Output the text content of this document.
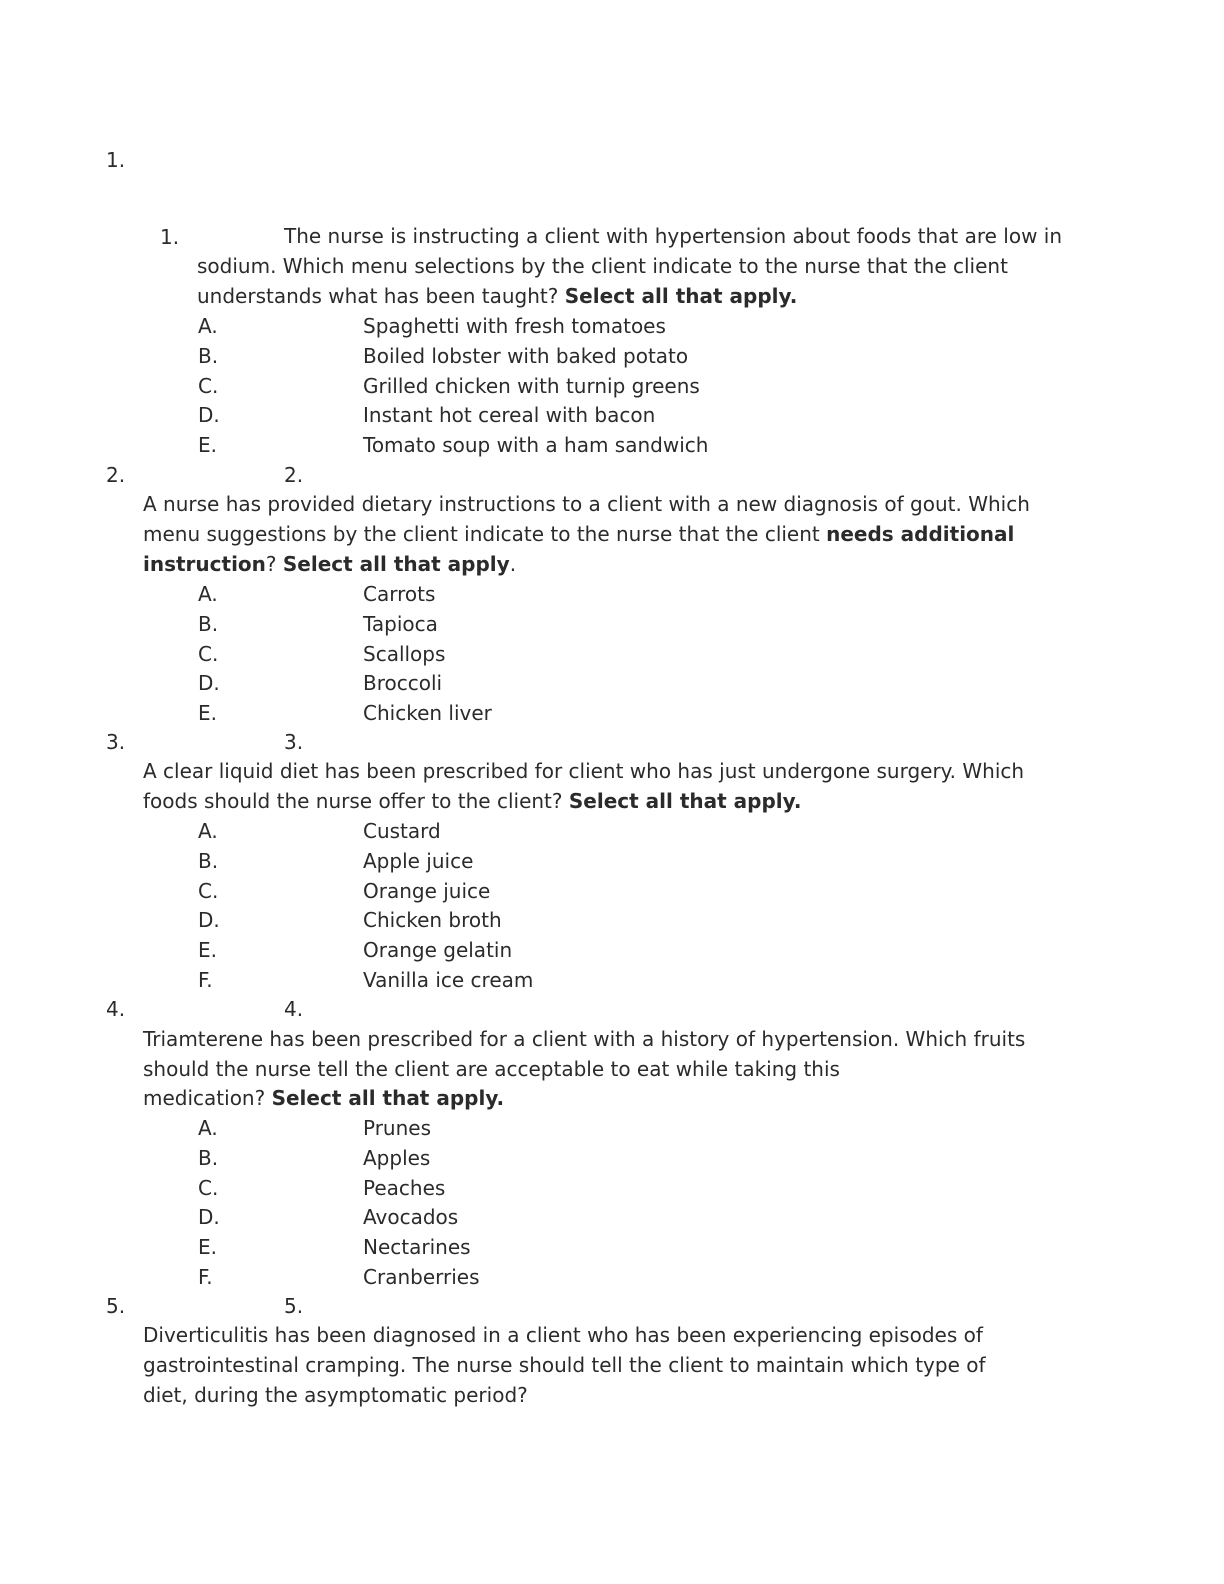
1.
1.	The nurse is instructing a client with hypertension about foods that are low in sodium. Which menu selections by the client indicate to the nurse that the client understands what has been taught? Select all that apply.
A.	Spaghetti with fresh tomatoes
B.	Boiled lobster with baked potato
C.	Grilled chicken with turnip greens
D.	Instant hot cereal with bacon
E.	Tomato soup with a ham sandwich
2.	2.
A nurse has provided dietary instructions to a client with a new diagnosis of gout. Which menu suggestions by the client indicate to the nurse that the client needs additional instruction? Select all that apply.
A.	Carrots
B.	Tapioca
C.	Scallops
D.	Broccoli
E.	Chicken liver
3.	3.
A clear liquid diet has been prescribed for client who has just undergone surgery. Which foods should the nurse offer to the client? Select all that apply.
A.	Custard
B.	Apple juice
C.	Orange juice
D.	Chicken broth
E.	Orange gelatin
F.	Vanilla ice cream
4.	4.
Triamterene has been prescribed for a client with a history of hypertension. Which fruits
should the nurse tell the client are acceptable to eat while taking this
medication? Select all that apply.
A.	Prunes
B.	Apples
C.	Peaches
D.	Avocados
E.	Nectarines
F.	Cranberries
5.	5.
Diverticulitis has been diagnosed in a client who has been experiencing episodes of gastrointestinal cramping. The nurse should tell the client to maintain which type of diet, during the asymptomatic period?
